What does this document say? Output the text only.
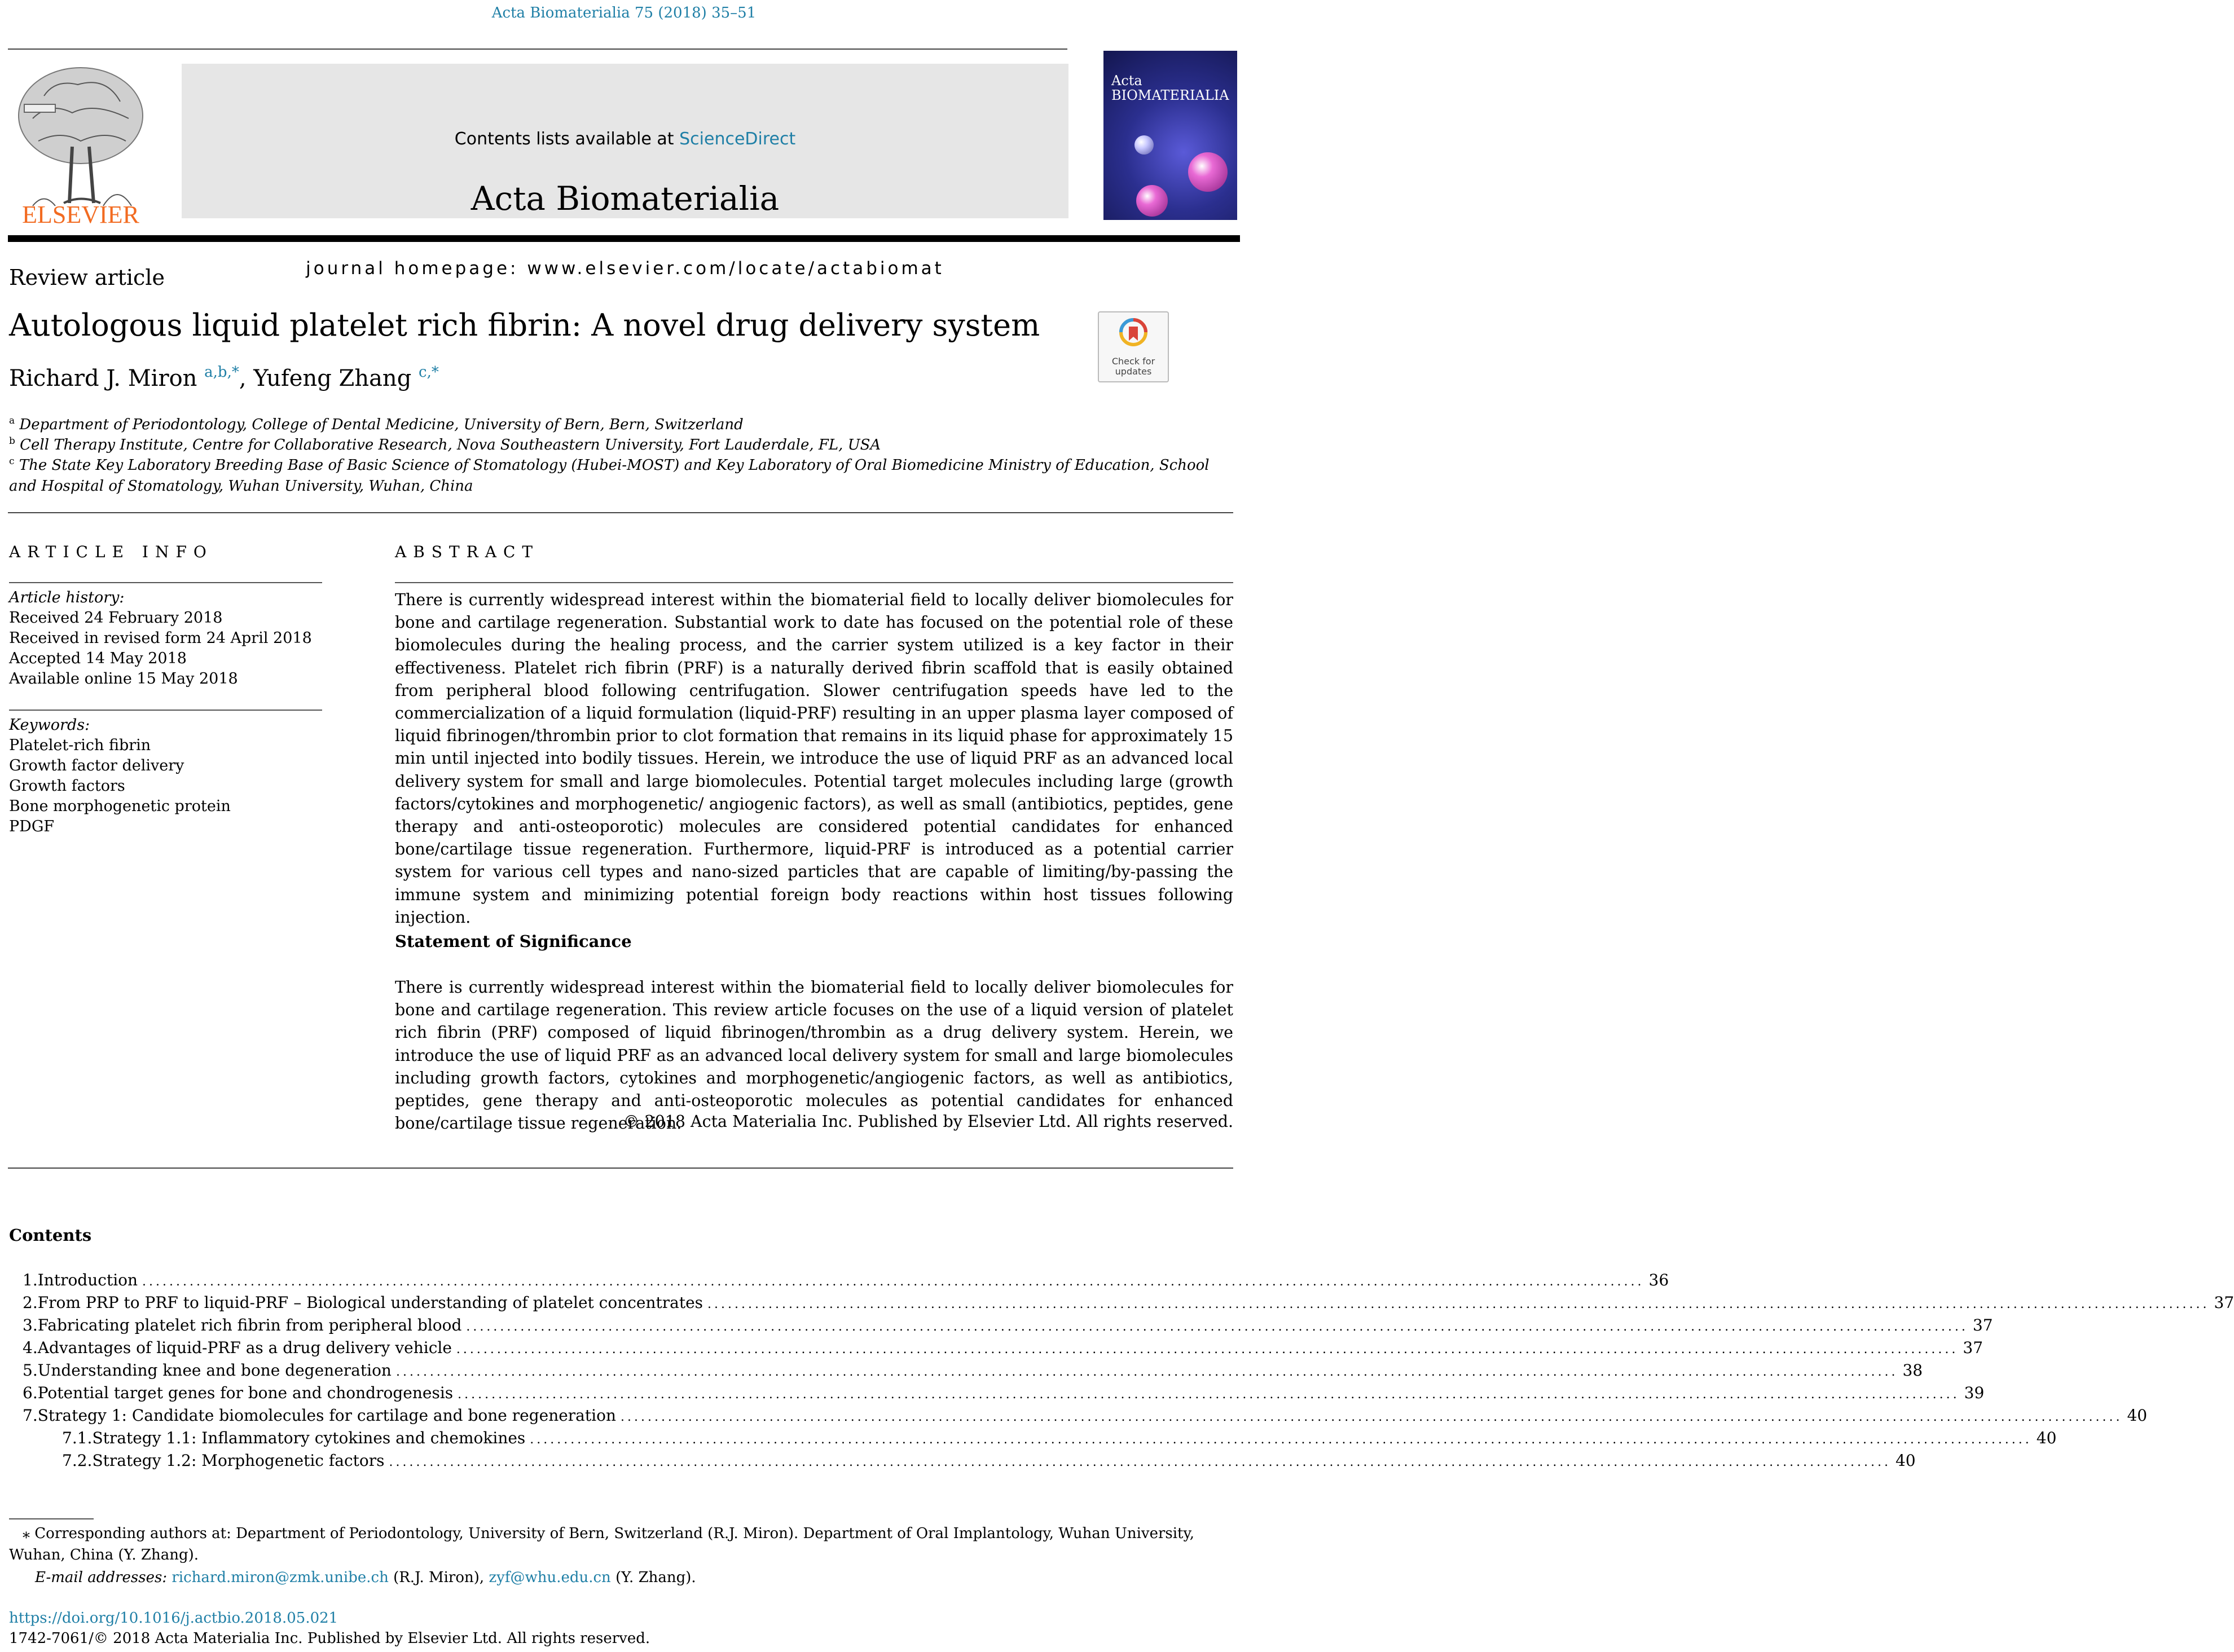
Acta Biomaterialia 75 (2018) 35–51
ELSEVIER
Contents lists available at ScienceDirect
Acta Biomaterialia
journal homepage: www.elsevier.com/locate/actabiomat
Acta BIOMATERIALIA
Review article
Autologous liquid platelet rich fibrin: A novel drug delivery system
Check for
updates
Richard J. Miron $^{a,b,*}$, Yufeng Zhang $^{c,*}$
$^a$ Department of Periodontology, College of Dental Medicine, University of Bern, Bern, Switzerland
$^b$ Cell Therapy Institute, Centre for Collaborative Research, Nova Southeastern University, Fort Lauderdale, FL, USA
$^c$ The State Key Laboratory Breeding Base of Basic Science of Stomatology (Hubei-MOST) and Key Laboratory of Oral Biomedicine Ministry of Education, School and Hospital of Stomatology, Wuhan University, Wuhan, China
ARTICLE INFO
Article history:
Received 24 February 2018
Received in revised form 24 April 2018
Accepted 14 May 2018
Available online 15 May 2018
Keywords:
Platelet-rich fibrin
Growth factor delivery
Growth factors
Bone morphogenetic protein
PDGF
ABSTRACT
There is currently widespread interest within the biomaterial field to locally deliver biomolecules for bone and cartilage regeneration. Substantial work to date has focused on the potential role of these biomolecules during the healing process, and the carrier system utilized is a key factor in their effectiveness. Platelet rich fibrin (PRF) is a naturally derived fibrin scaffold that is easily obtained from peripheral blood following centrifugation. Slower centrifugation speeds have led to the commercialization of a liquid formulation (liquid-PRF) resulting in an upper plasma layer composed of liquid fibrinogen/thrombin prior to clot formation that remains in its liquid phase for approximately 15 min until injected into bodily tissues. Herein, we introduce the use of liquid PRF as an advanced local delivery system for small and large biomolecules. Potential target molecules including large (growth factors/cytokines and morphogenetic/ angiogenic factors), as well as small (antibiotics, peptides, gene therapy and anti-osteoporotic) molecules are considered potential candidates for enhanced bone/cartilage tissue regeneration. Furthermore, liquid-PRF is introduced as a potential carrier system for various cell types and nano-sized particles that are capable of limiting/by-passing the immune system and minimizing potential foreign body reactions within host tissues following injection.
Statement of Significance
There is currently widespread interest within the biomaterial field to locally deliver biomolecules for bone and cartilage regeneration. This review article focuses on the use of a liquid version of platelet rich fibrin (PRF) composed of liquid fibrinogen/thrombin as a drug delivery system. Herein, we introduce the use of liquid PRF as an advanced local delivery system for small and large biomolecules including growth factors, cytokines and morphogenetic/angiogenic factors, as well as antibiotics, peptides, gene therapy and anti-osteoporotic molecules as potential candidates for enhanced bone/cartilage tissue regeneration.
© 2018 Acta Materialia Inc. Published by Elsevier Ltd. All rights reserved.
Contents
1. Introduction .............................................................................................................................................................................................................................. 36
2. From PRP to PRF to liquid-PRF – Biological understanding of platelet concentrates .............................................................................................................................................................................................................................. 37
3. Fabricating platelet rich fibrin from peripheral blood .............................................................................................................................................................................................................................. 37
4. Advantages of liquid-PRF as a drug delivery vehicle .............................................................................................................................................................................................................................. 37
5. Understanding knee and bone degeneration .............................................................................................................................................................................................................................. 38
6. Potential target genes for bone and chondrogenesis .............................................................................................................................................................................................................................. 39
7. Strategy 1: Candidate biomolecules for cartilage and bone regeneration .............................................................................................................................................................................................................................. 40
7.1. Strategy 1.1: Inflammatory cytokines and chemokines .............................................................................................................................................................................................................................. 40
7.2. Strategy 1.2: Morphogenetic factors .............................................................................................................................................................................................................................. 40
⁎ Corresponding authors at: Department of Periodontology, University of Bern, Switzerland (R.J. Miron). Department of Oral Implantology, Wuhan University, Wuhan, China (Y. Zhang).
E-mail addresses: richard.miron@zmk.unibe.ch (R.J. Miron), zyf@whu.edu.cn (Y. Zhang).
https://doi.org/10.1016/j.actbio.2018.05.021
1742-7061/© 2018 Acta Materialia Inc. Published by Elsevier Ltd. All rights reserved.
